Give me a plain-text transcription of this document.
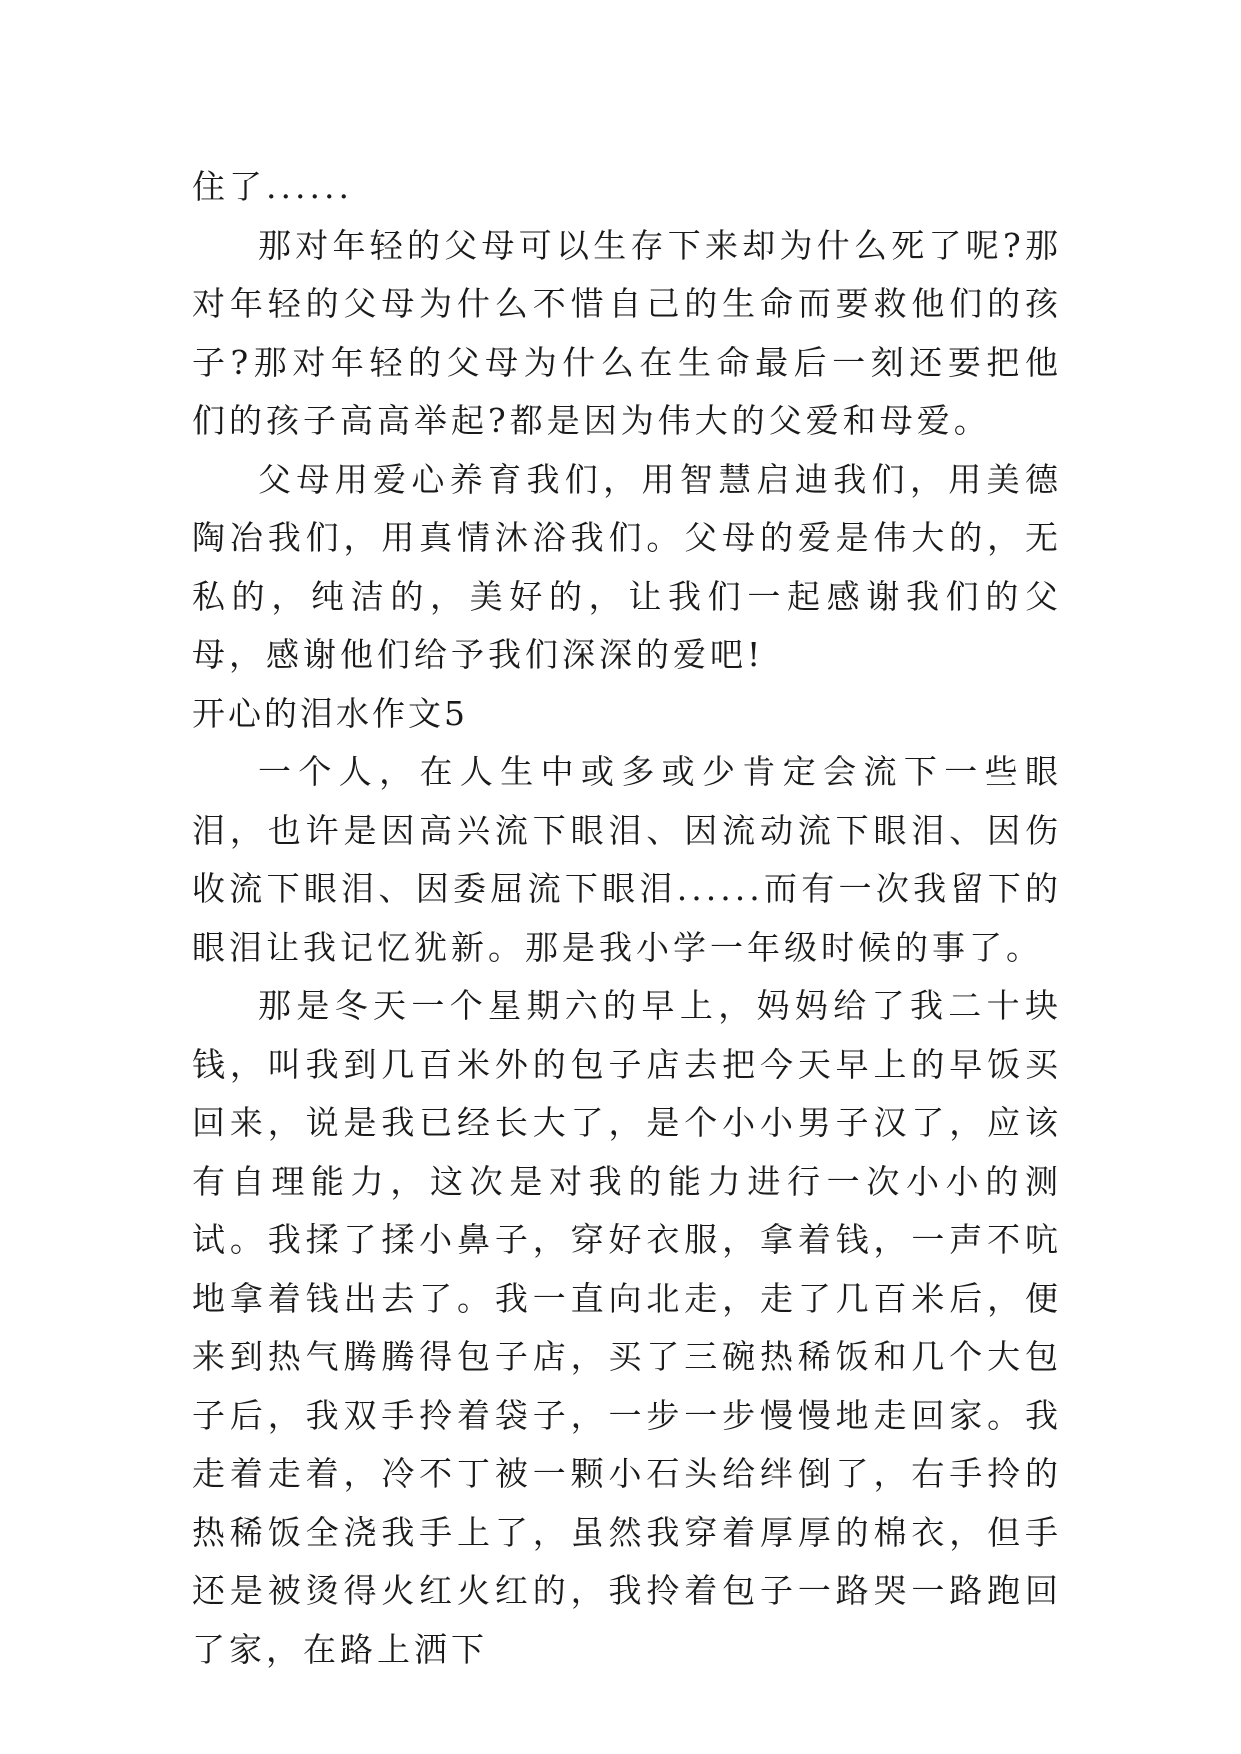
住了......

那对年轻的父母可以生存下来却为什么死了呢?那对年轻的父母为什么不惜自己的生命而要救他们的孩子?那对年轻的父母为什么在生命最后一刻还要把他们的孩子高高举起?都是因为伟大的父爱和母爱。

父母用爱心养育我们，用智慧启迪我们，用美德陶冶我们，用真情沐浴我们。父母的爱是伟大的，无私的，纯洁的，美好的，让我们一起感谢我们的父母，感谢他们给予我们深深的爱吧!

开心的泪水作文5

一个人，在人生中或多或少肯定会流下一些眼泪，也许是因高兴流下眼泪、因流动流下眼泪、因伤收流下眼泪、因委屈流下眼泪......而有一次我留下的眼泪让我记忆犹新。那是我小学一年级时候的事了。

那是冬天一个星期六的早上，妈妈给了我二十块钱，叫我到几百米外的包子店去把今天早上的早饭买回来，说是我已经长大了，是个小小男子汉了，应该有自理能力，这次是对我的能力进行一次小小的测试。我揉了揉小鼻子，穿好衣服，拿着钱，一声不吭地拿着钱出去了。我一直向北走，走了几百米后，便来到热气腾腾得包子店，买了三碗热稀饭和几个大包子后，我双手拎着袋子，一步一步慢慢地走回家。我走着走着，冷不丁被一颗小石头给绊倒了，右手拎的热稀饭全浇我手上了，虽然我穿着厚厚的棉衣，但手还是被烫得火红火红的，我拎着包子一路哭一路跑回了家，在路上洒下
